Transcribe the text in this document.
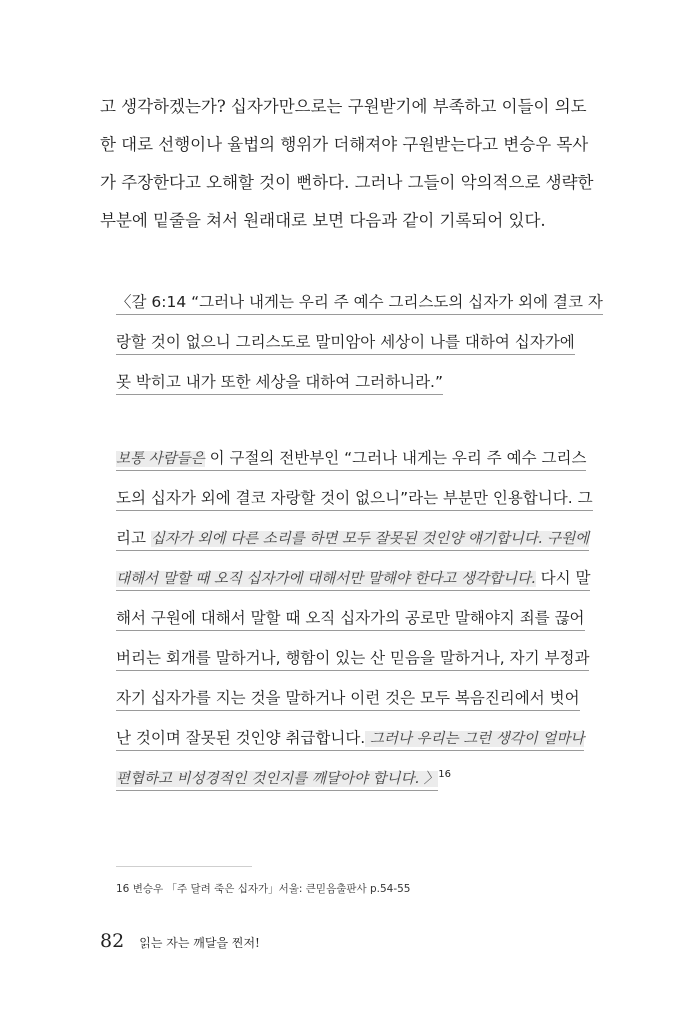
고 생각하겠는가? 십자가만으로는 구원받기에 부족하고 이들이 의도
한 대로 선행이나 율법의 행위가 더해져야 구원받는다고 변승우 목사
가 주장한다고 오해할 것이 뻔하다. 그러나 그들이 악의적으로 생략한
부분에 밑줄을 쳐서 원래대로 보면 다음과 같이 기록되어 있다.
〈갈 6:14 “그러나 내게는 우리 주 예수 그리스도의 십자가 외에 결코 자
랑할 것이 없으니 그리스도로 말미암아 세상이 나를 대하여 십자가에
못 박히고 내가 또한 세상을 대하여 그러하니라.”
보통 사람들은 이 구절의 전반부인 “그러나 내게는 우리 주 예수 그리스
도의 십자가 외에 결코 자랑할 것이 없으니”라는 부분만 인용합니다. 그
리고 십자가 외에 다른 소리를 하면 모두 잘못된 것인양 얘기합니다. 구원에
대해서 말할 때 오직 십자가에 대해서만 말해야 한다고 생각합니다. 다시 말
해서 구원에 대해서 말할 때 오직 십자가의 공로만 말해야지 죄를 끊어
버리는 회개를 말하거나, 행함이 있는 산 믿음을 말하거나, 자기 부정과
자기 십자가를 지는 것을 말하거나 이런 것은 모두 복음진리에서 벗어
난 것이며 잘못된 것인양 취급합니다. 그러나 우리는 그런 생각이 얼마나
편협하고 비성경적인 것인지를 깨달아야 합니다. 〉$^{16}$
16 변승우 「주 달려 죽은 십자가」서울: 큰믿음출판사 p.54-55
82 읽는 자는 깨달을 찐저!
